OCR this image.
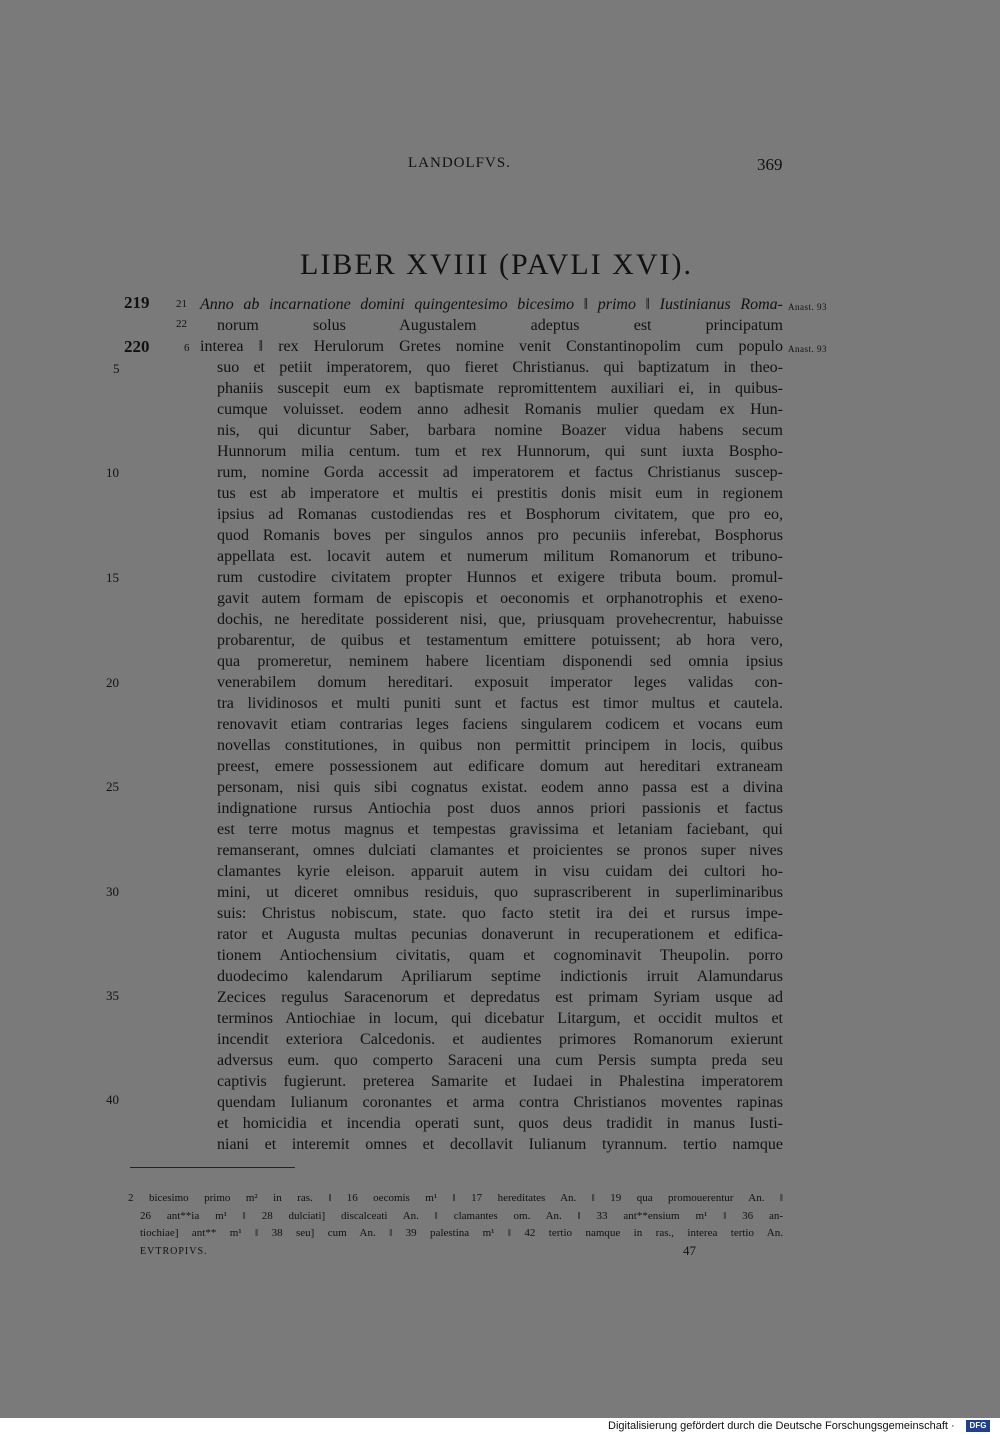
LANDOLFVS.	369
LIBER XVIII (PAVLI XVI).
219
220
21
22
6
Anast. 93
Anast. 93
5
10
15
20
25
30
35
40
Anno ab incarnatione domini quingentesimo bicesimo ‖ primo ‖ Iustinianus Roma-
norum solus Augustalem adeptus est principatum
interea ‖ rex Herulorum Gretes nomine venit Constantinopolim cum populo
suo et petiit imperatorem, quo fieret Christianus. qui baptizatum in theo-
phaniis suscepit eum ex baptismate repromittentem auxiliari ei, in quibus-
cumque voluisset. eodem anno adhesit Romanis mulier quedam ex Hun-
nis, qui dicuntur Saber, barbara nomine Boazer vidua habens secum
Hunnorum milia centum. tum et rex Hunnorum, qui sunt iuxta Bospho-
rum, nomine Gorda accessit ad imperatorem et factus Christianus suscep-
tus est ab imperatore et multis ei prestitis donis misit eum in regionem
ipsius ad Romanas custodiendas res et Bosphorum civitatem, que pro eo,
quod Romanis boves per singulos annos pro pecuniis inferebat, Bosphorus
appellata est. locavit autem et numerum militum Romanorum et tribuno-
rum custodire civitatem propter Hunnos et exigere tributa boum. promul-
gavit autem formam de episcopis et oeconomis et orphanotrophis et exeno-
dochis, ne hereditate possiderent nisi, que, priusquam provehecrentur, habuisse
probarentur, de quibus et testamentum emittere potuissent; ab hora vero,
qua promeretur, neminem habere licentiam disponendi sed omnia ipsius
venerabilem domum hereditari. exposuit imperator leges validas con-
tra lividinosos et multi puniti sunt et factus est timor multus et cautela.
renovavit etiam contrarias leges faciens singularem codicem et vocans eum
novellas constitutiones, in quibus non permittit principem in locis, quibus
preest, emere possessionem aut edificare domum aut hereditari extraneam
personam, nisi quis sibi cognatus existat. eodem anno passa est a divina
indignatione rursus Antiochia post duos annos priori passionis et factus
est terre motus magnus et tempestas gravissima et letaniam faciebant, qui
remanserant, omnes dulciati clamantes et proicientes se pronos super nives
clamantes kyrie eleison. apparuit autem in visu cuidam dei cultori ho-
mini, ut diceret omnibus residuis, quo suprascriberent in superliminaribus
suis: Christus nobiscum, state. quo facto stetit ira dei et rursus impe-
rator et Augusta multas pecunias donaverunt in recuperationem et edifica-
tionem Antiochensium civitatis, quam et cognominavit Theupolin. porro
duodecimo kalendarum Apriliarum septime indictionis irruit Alamundarus
Zecices regulus Saracenorum et depredatus est primam Syriam usque ad
terminos Antiochiae in locum, qui dicebatur Litargum, et occidit multos et
incendit exteriora Calcedonis. et audientes primores Romanorum exierunt
adversus eum. quo comperto Saraceni una cum Persis sumpta preda seu
captivis fugierunt. preterea Samarite et Iudaei in Phalestina imperatorem
quendam Iulianum coronantes et arma contra Christianos moventes rapinas
et homicidia et incendia operati sunt, quos deus tradidit in manus Iusti-
niani et interemit omnes et decollavit Iulianum tyrannum. tertio namque
2 bicesimo primo m² in ras. ‖ 16 oecomis m¹ ‖ 17 hereditates An. ‖ 19 qua promouerentur An. ‖
26 ant**ia m¹ ‖ 28 dulciati] discalceati An. ‖ clamantes om. An. ‖ 33 ant**ensium m¹ ‖ 36 an-
tiochiae] ant** m¹ ‖ 38 seu] cum An. ‖ 39 palestina m¹ ‖ 42 tertio namque in ras., interea tertio An.
EVTROPIVS.	47
Digitalisierung gefördert durch die Deutsche Forschungsgemeinschaft ·	DFG
